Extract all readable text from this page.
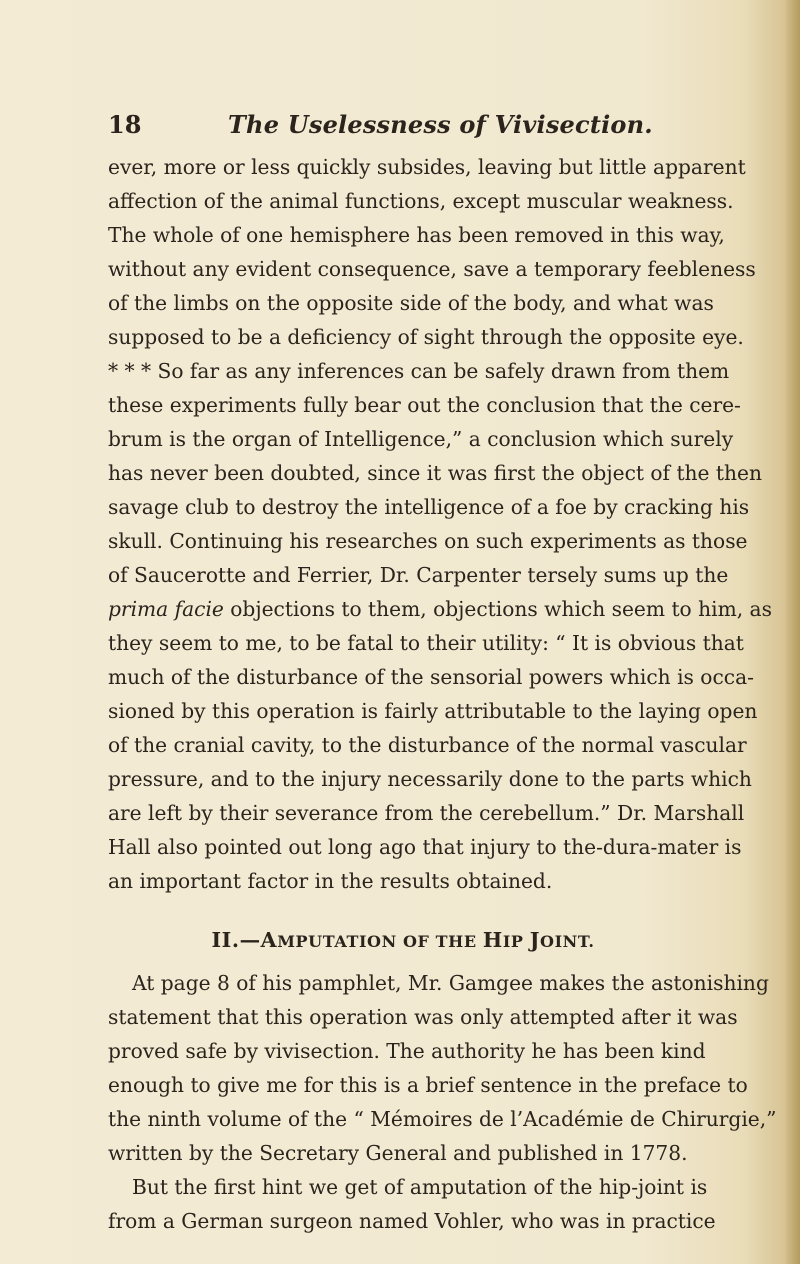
18	The Uselessness of Vivisection.
ever, more or less quickly subsides, leaving but little apparent
affection of the animal functions, except muscular weakness.
The whole of one hemisphere has been removed in this way,
without any evident consequence, save a temporary feebleness
of the limbs on the opposite side of the body, and what was
supposed to be a deficiency of sight through the opposite eye.
* * * So far as any inferences can be safely drawn from them
these experiments fully bear out the conclusion that the cere-
brum is the organ of Intelligence,” a conclusion which surely
has never been doubted, since it was first the object of the then
savage club to destroy the intelligence of a foe by cracking his
skull. Continuing his researches on such experiments as those
of Saucerotte and Ferrier, Dr. Carpenter tersely sums up the
prima facie objections to them, objections which seem to him, as
they seem to me, to be fatal to their utility: “ It is obvious that
much of the disturbance of the sensorial powers which is occa-
sioned by this operation is fairly attributable to the laying open
of the cranial cavity, to the disturbance of the normal vascular
pressure, and to the injury necessarily done to the parts which
are left by their severance from the cerebellum.” Dr. Marshall
Hall also pointed out long ago that injury to the-dura-mater is
an important factor in the results obtained.
II.—AMPUTATION OF THE HIP JOINT.
At page 8 of his pamphlet, Mr. Gamgee makes the astonishing
statement that this operation was only attempted after it was
proved safe by vivisection. The authority he has been kind
enough to give me for this is a brief sentence in the preface to
the ninth volume of the “ Mémoires de l’Académie de Chirurgie,”
written by the Secretary General and published in 1778.
But the first hint we get of amputation of the hip-joint is
from a German surgeon named Vohler, who was in practice
